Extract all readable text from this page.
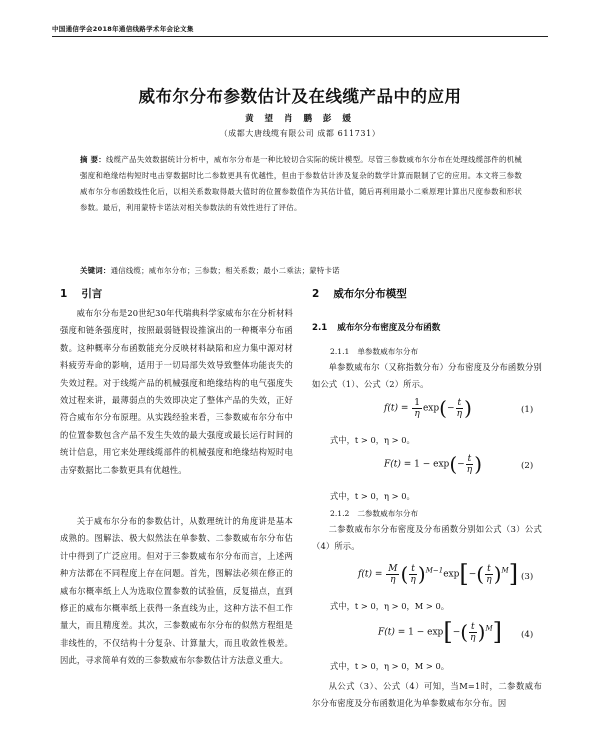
中国通信学会2018年通信线路学术年会论文集
威布尔分布参数估计及在线缆产品中的应用
黄 望 肖 鹏 彭 媛
（成都大唐线缆有限公司 成都 611731）
摘 要：线缆产品失效数据统计分析中，威布尔分布是一种比较切合实际的统计模型。尽管三参数威布尔分布在处理线缆部件的机械强度和绝缘结构短时电击穿数据时比二参数更具有优越性，但由于参数估计涉及复杂的数学计算而限制了它的应用。本文将三参数威布尔分布函数线性化后，以相关系数取得最大值时的位置参数值作为其估计值，随后再利用最小二乘原理计算出尺度参数和形状参数。最后，利用蒙特卡诺法对相关参数法的有效性进行了评估。
关键词：通信线缆；威布尔分布；三参数；相关系数；最小二乘法；蒙特卡诺
1 引言
威布尔分布是20世纪30年代瑞典科学家威布尔在分析材料强度和链条强度时，按照最弱链假设推演出的一种概率分布函数。这种概率分布函数能充分反映材料缺陷和应力集中源对材料疲劳寿命的影响，适用于一切局部失效导致整体功能丧失的失效过程。对于线缆产品的机械强度和绝缘结构的电气强度失效过程来讲，最薄弱点的失效即决定了整体产品的失效，正好符合威布尔分布原理。从实践经验来看，三参数威布尔分布中的位置参数包含产品不发生失效的最大强度或最长运行时间的统计信息，用它来处理线缆部件的机械强度和绝缘结构短时电击穿数据比二参数更具有优越性。
关于威布尔分布的参数估计，从数理统计的角度讲是基本成熟的。图解法、极大似然法在单参数、二参数威布尔分布估计中得到了广泛应用。但对于三参数威布尔分布而言，上述两种方法都在不同程度上存在问题。首先，图解法必须在修正的威布尔概率纸上人为选取位置参数的试验值，反复描点，直到修正的威布尔概率纸上获得一条直线为止，这种方法不但工作量大，而且精度差。其次，三参数威布尔分布的似然方程组是非线性的，不仅结构十分复杂、计算量大，而且收敛性极差。因此，寻求简单有效的三参数威布尔参数估计方法意义重大。
2 威布尔分布模型
2.1 威布尔分布密度及分布函数
2.1.1 单参数威布尔分布
单参数威布尔（又称指数分布）分布密度及分布函数分别如公式（1）、公式（2）所示。
$f(t) = \frac{1}{\eta} \exp(- \frac{t}{\eta}$ )	(1)
式中，t > 0，η > 0。
$F(t) = 1 - \exp(- \frac{t}{\eta}$ )	(2)
式中，t > 0，η > 0。
2.1.2 二参数威布尔分布
二参数威布尔分布密度及分布函数分别如公式（3）公式（4）所示。
$f(t) = \frac{M}{\eta}$ ( $\frac{t}{\eta} )^{M-1}\exp[-( \frac{t}{\eta} )^M]$ (3)
式中，t > 0，η > 0，M > 0。
$F(t) = 1 - \exp[-( \frac{t}{\eta} )^M]$ (4)
式中，t > 0，η > 0，M > 0。
从公式（3）、公式（4）可知，当M=1时，二参数威布尔分布密度及分布函数退化为单参数威布尔分布。因
